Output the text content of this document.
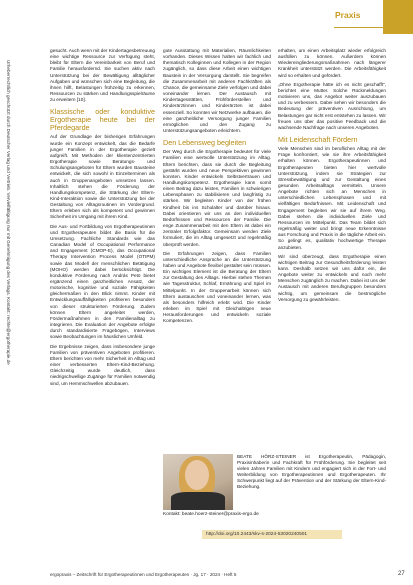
Urheberrechtlich geschützt durch Deutscher Verlag und Vertrieb. Vervielfältigung nur mit Genehmigung des Verlags. Kontakt: rechte@ergotherapie.de
Praxis

gesucht. Auch wenn mit der Kindertagesbetreuung eine wichtige Ressource zur Verfügung steht, bleibt für Eltern die Vereinbarkeit von Beruf und Familie herausfordernd. Sie suchen aktiv nach Unterstützung bei der Bewältigung alltäglicher Aufgaben und wünschen sich eine Begleitung, die ihnen hilft, Belastungen frühzeitig zu erkennen, Ressourcen zu stärken und Handlungsspielräume zu erweitern [10].

Klassische oder konduktive Ergotherapie heute bei der Pferdegarde

Auf der Grundlage der bisherigen Erfahrungen wurde ein Konzept entwickelt, das die Bedarfe junger Familien in der Ergotherapie gezielt aufgreift. Mit Methoden der klientenzentrierten Ergotherapie sowie Beratungs- und Schulungsangeboten für Eltern wurden Bausteine entwickelt, die sich sowohl in Einzelterminen als auch in Gruppenangeboten umsetzen lassen. Inhaltlich stehen die Förderung der Handlungskompetenz, die Stärkung der Eltern-Kind-Interaktion sowie die Unterstützung bei der Gestaltung von Alltagsroutinen im Vordergrund. Eltern erleben sich als kompetent und gewinnen Sicherheit im Umgang mit ihrem Kind.

Die Aus- und Fortbildung von Ergotherapeutinnen und Ergotherapeuten bildet die Basis für die Umsetzung. Fachliche Standards wie das Canadian Model of Occupational Performance and Engagement (CMOP-E), das Occupational Therapy Intervention Process Model (OTIPM) sowie das Modell der menschlichen Betätigung (MOHO) werden dabei berücksichtigt. Die konduktive Förderung nach András Petö bietet ergänzend einen ganzheitlichen Ansatz, der motorische, kognitive und soziale Fähigkeiten gleichermaßen in den Blick nimmt. Kinder mit Entwicklungsauffälligkeiten profitieren besonders von dieser strukturierten Förderung. Zudem können Eltern angeleitet werden, Fördermaßnahmen in den Familienalltag zu integrieren. Die Evaluation der Angebote erfolgte durch standardisierte Fragebögen, Interviews sowie Beobachtungen im häuslichen Umfeld.

Die Ergebnisse zeigen, dass insbesondere junge Familien von präventiven Angeboten profitieren. Eltern berichten von mehr Sicherheit im Alltag und einer verbesserten Eltern-Kind-Beziehung. Gleichzeitig wurde deutlich, dass niedrigschwellige Zugänge für Familien notwendig sind, um Hemmschwellen abzubauen.

gute Ausstattung mit Materialien, Räumlichkeiten vorhanden. Dieses Wissen halten wir fachlich und thematisch Kolleginnen und Kollegen in der Region zugänglich, so dass diese Arbeit einen wichtigen Baustein in der Versorgung darstellt. Sie begreifen die Zusammenarbeit mit anderen Fachkräften als Chance, die gemeinsame Ziele verfolgen und dabei voneinander lernen. Der Austausch mit Kindertagesstätten, Frühförderstellen und Kinderärztinnen und Kinderärzten ist dabei essenziell. So konnten wir Netzwerke aufbauen, die eine ganzheitliche Versorgung junger Familien ermöglichen und den Zugang zu Unterstützungsangeboten erleichtern.

Den Lebensweg begleiten

Der Weg durch die Ergotherapie bedeutet für viele Familien eine wertvolle Unterstützung im Alltag. Eltern berichten, dass sie durch die Begleitung gestärkt wurden und neue Perspektiven gewinnen konnten. Kinder entwickeln Selbstvertrauen und Handlungskompetenz. Ergotherapie kann somit einen Beitrag dazu leisten, Familien in schwierigen Lebensphasen zu stabilisieren und langfristig zu stärken. Wir begleiten Kinder von der frühen Kindheit bis ins Schulalter und darüber hinaus. Dabei orientieren wir uns an den individuellen Bedürfnissen und Ressourcen der Familie. Die enge Zusammenarbeit mit den Eltern ist dabei ein zentraler Erfolgsfaktor. Gemeinsam werden Ziele formuliert, die im Alltag umgesetzt und regelmäßig überprüft werden.

Die Erfahrungen zeigen, dass Familien unterschiedliche Ansprüche an die Unterstützung haben und Angebote flexibel gestaltet sein müssen. Ein wichtiges Element ist die Beratung der Eltern zur Gestaltung des Alltags. Hierbei stehen Themen wie Tagesstruktur, Schlaf, Ernährung und Spiel im Mittelpunkt. In der Gruppenarbeit können sich Eltern austauschen und voneinander lernen, was als besonders hilfreich erlebt wird. Die Kinder erleben im Spiel mit Gleichaltrigen neue Herausforderungen und entwickeln soziale Kompetenzen.

erhalten, um einen Arbeitsplatz wieder erfolgreich ausfüllen zu können. Außerdem können Wiedereingliederungsmaßnahmen nach längerer Krankheit unterstützt werden. Die Arbeitsfähigkeit wird so erhalten und gefördert.

„Ohne Ergotherapie hätte ich es nicht geschafft“, berichtet eine Mutter. Solche Rückmeldungen motivieren uns, das Angebot weiter auszubauen und zu verbessern. Dabei sehen wir besonders die Bedeutung der präventiven Ausrichtung, um Belastungen gar nicht erst entstehen zu lassen. Wir freuen uns über das positive Feedback und die wachsende Nachfrage nach unseren Angeboten.

Mit Leidenschaft Fördern

Viele Menschen sind im beruflichen Alltag mit der Frage konfrontiert, wie sie ihre Arbeitsfähigkeit erhalten können. Ergotherapeutinnen und Ergotherapeuten bieten hier wertvolle Unterstützung, indem sie Strategien zur Stressbewältigung und zur Gestaltung eines gesunden Arbeitsalltags vermitteln. Unsere Angebote richten sich an Menschen in unterschiedlichen Lebensphasen und mit vielfältigen Bedürfnissen. Mit Leidenschaft und Engagement begleiten wir sie auf ihrem Weg. Dabei stehen die individuellen Ziele und Ressourcen im Mittelpunkt. Das Team bildet sich regelmäßig weiter und bringt neue Erkenntnisse aus Forschung und Praxis in die tägliche Arbeit ein. So gelingt es, qualitativ hochwertige Therapie anzubieten.

Wir sind überzeugt, dass Ergotherapie einen wichtigen Beitrag zur Gesundheitsförderung leisten kann. Deshalb setzen wir uns dafür ein, die Angebote weiter zu entwickeln und noch mehr Menschen zugänglich zu machen. Dabei ist uns der Austausch mit anderen Berufsgruppen besonders wichtig, um gemeinsam die bestmögliche Versorgung zu gewährleisten.

BEATE HÖRZ-STEINER ist Ergotherapeutin, Pädagogin, Praxisinhaberin und Fachkraft für Frühförderung. Sie begleitet seit vielen Jahren Familien mit Kindern und engagiert sich in der Fort- und Weiterbildung von Ergotherapeutinnen und Ergotherapeuten. Ihr Schwerpunkt liegt auf der Prävention und der Stärkung der Eltern-Kind-Beziehung.
Kontakt: beate.hoerz-steiner@praxis-ergo.de
http://doi.org/10.2443/skv-s-2024-53020240501
ergopraxis – Zeitschrift für Ergotherapeutinnen und Ergotherapeuten · Jg. 17 · 2024 · Heft 5	27
